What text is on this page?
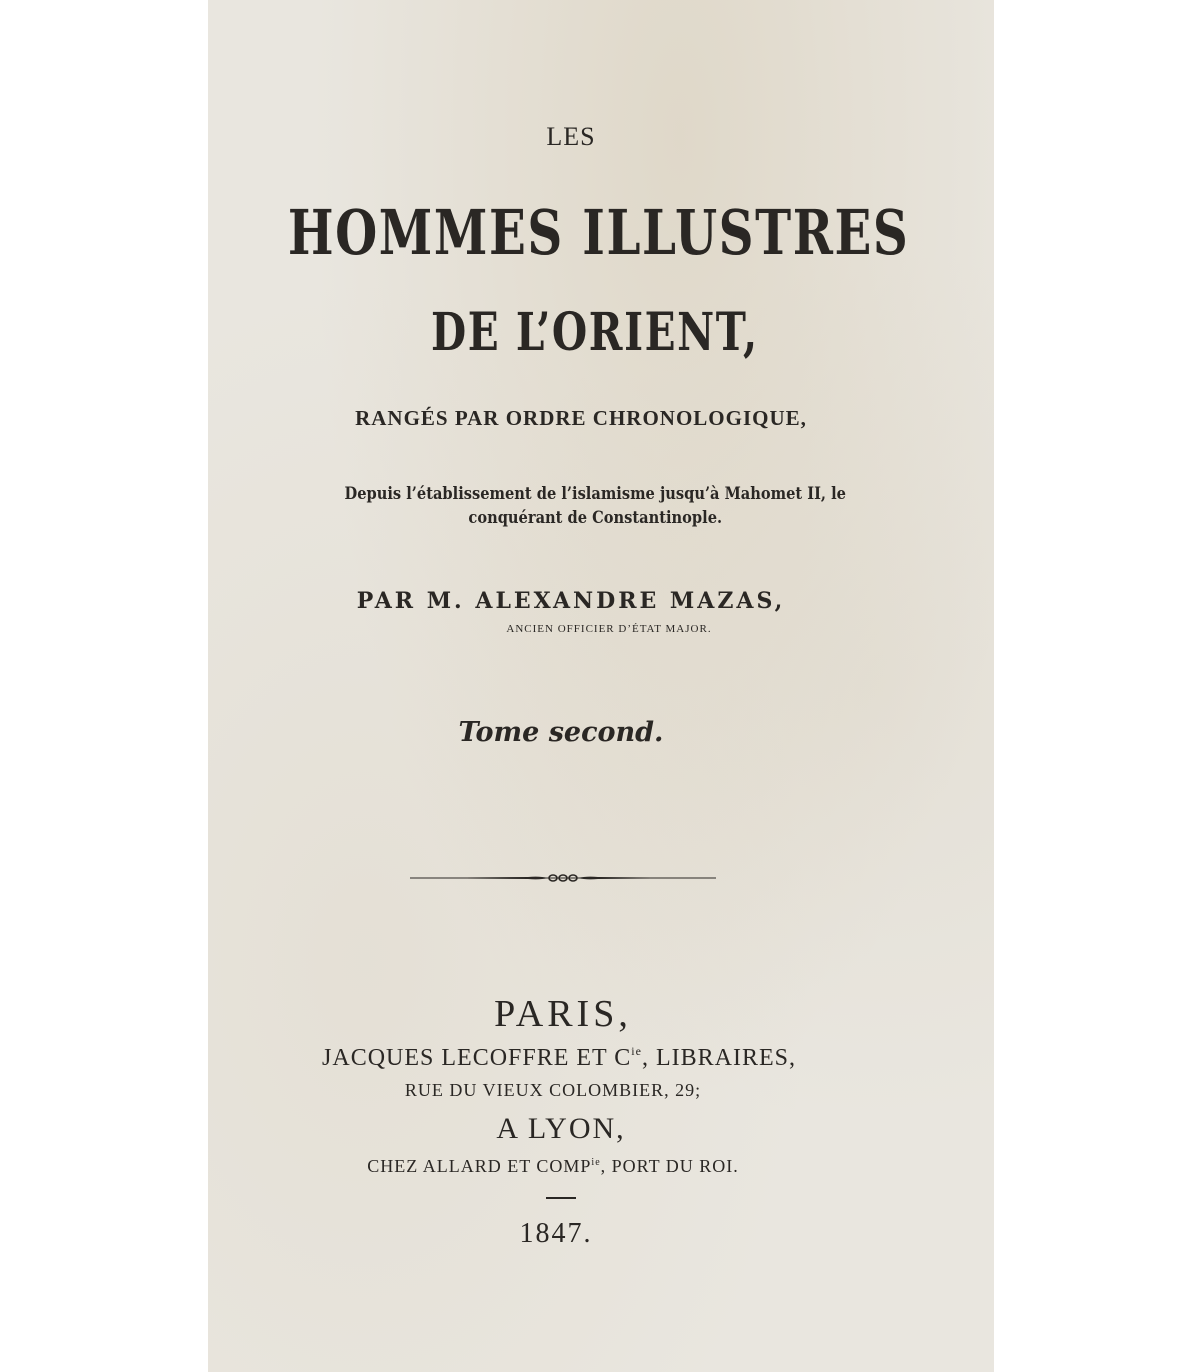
LES
HOMMES ILLUSTRES
DE L’ORIENT,
RANGÉS PAR ORDRE CHRONOLOGIQUE,
Depuis l’établissement de l’islamisme jusqu’à Mahomet II, le
conquérant de Constantinople.
PAR M. ALEXANDRE MAZAS,
ANCIEN OFFICIER D’ÉTAT MAJOR.
Tome second.
PARIS,
JACQUES LECOFFRE ET $C^{ie}$, LIBRAIRES,
RUE DU VIEUX COLOMBIER, 29;
A LYON,
CHEZ ALLARD ET $COMP^{ie}$, PORT DU ROI.
1847.
